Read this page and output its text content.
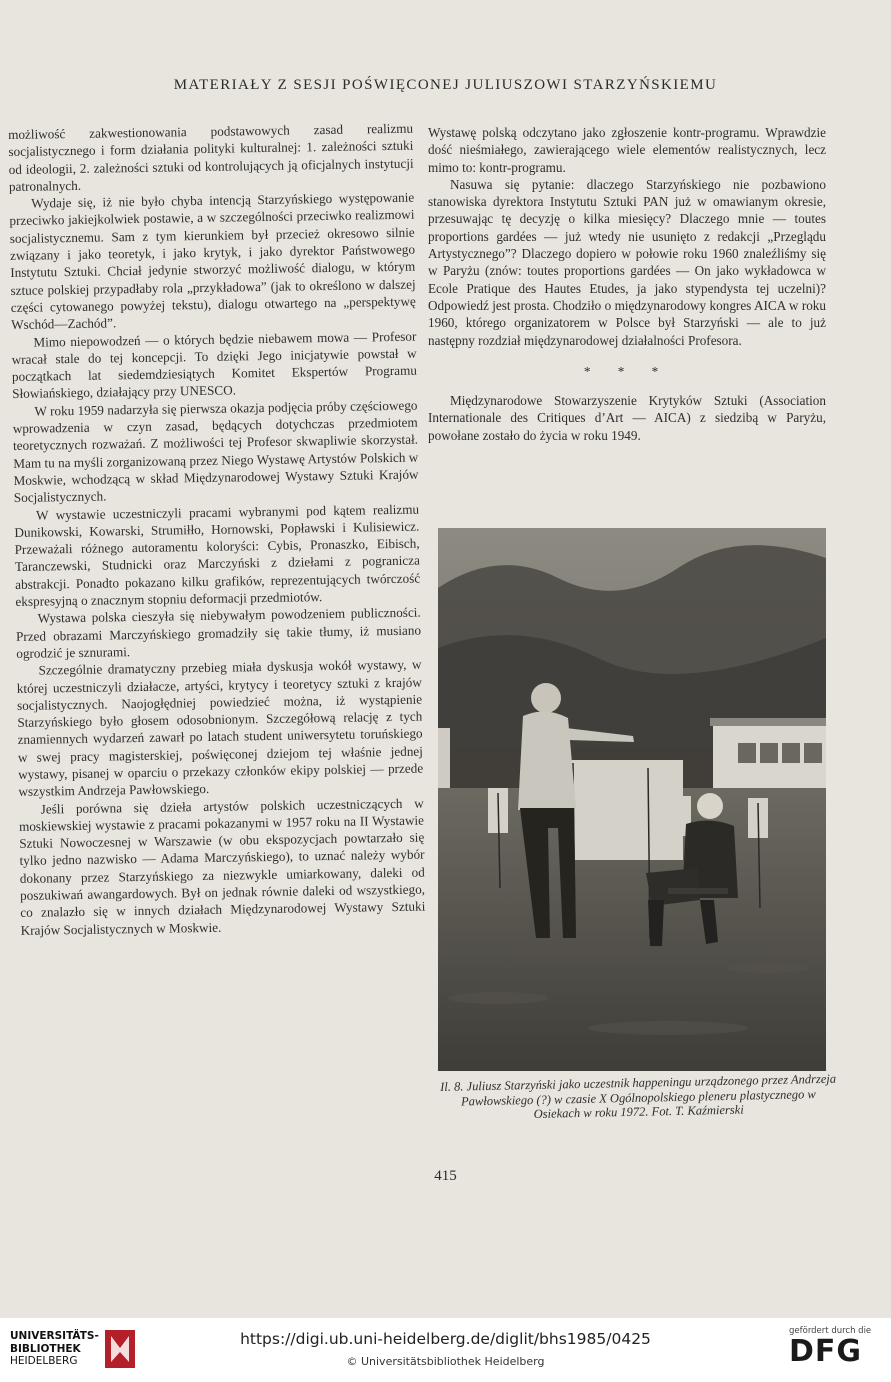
MATERIAŁY Z SESJI POŚWIĘCONEJ JULIUSZOWI STARZYŃSKIEMU

możliwość zakwestionowania podstawowych zasad realizmu socjalistycznego i form działania polityki kulturalnej: 1. zależności sztuki od ideologii, 2. zależności sztuki od kontrolujących ją oficjalnych instytucji patronalnych.

Wydaje się, iż nie było chyba intencją Starzyńskiego występowanie przeciwko jakiejkolwiek postawie, a w szczególności przeciwko realizmowi socjalistycznemu. Sam z tym kierunkiem był przecież okresowo silnie związany i jako teoretyk, i jako krytyk, i jako dyrektor Państwowego Instytutu Sztuki. Chciał jedynie stworzyć możliwość dialogu, w którym sztuce polskiej przypadłaby rola „przykładowa” (jak to określono w dalszej części cytowanego powyżej tekstu), dialogu otwartego na „perspektywę Wschód—Zachód”.

Mimo niepowodzeń — o których będzie niebawem mowa — Profesor wracał stale do tej koncepcji. To dzięki Jego inicjatywie powstał w początkach lat siedemdziesiątych Komitet Ekspertów Programu Słowiańskiego, działający przy UNESCO.

W roku 1959 nadarzyła się pierwsza okazja podjęcia próby częściowego wprowadzenia w czyn zasad, będących dotychczas przedmiotem teoretycznych rozważań. Z możliwości tej Profesor skwapliwie skorzystał. Mam tu na myśli zorganizowaną przez Niego Wystawę Artystów Polskich w Moskwie, wchodzącą w skład Międzynarodowej Wystawy Sztuki Krajów Socjalistycznych.

W wystawie uczestniczyli pracami wybranymi pod kątem realizmu Dunikowski, Kowarski, Strumiłło, Hornowski, Popławski i Kulisiewicz. Przeważali różnego autoramentu koloryści: Cybis, Pronaszko, Eibisch, Taranczewski, Studnicki oraz Marczyński z dziełami z pogranicza abstrakcji. Ponadto pokazano kilku grafików, reprezentujących twórczość ekspresyjną o znacznym stopniu deformacji przedmiotów.

Wystawa polska cieszyła się niebywałym powodzeniem publiczności. Przed obrazami Marczyńskiego gromadziły się takie tłumy, iż musiano ogrodzić je sznurami.

Szczególnie dramatyczny przebieg miała dyskusja wokół wystawy, w której uczestniczyli działacze, artyści, krytycy i teoretycy sztuki z krajów socjalistycznych. Naojogłędniej powiedzieć można, iż wystąpienie Starzyńskiego było głosem odosobnionym. Szczegółową relację z tych znamiennych wydarzeń zawarł po latach student uniwersytetu toruńskiego w swej pracy magisterskiej, poświęconej dziejom tej właśnie jednej wystawy, pisanej w oparciu o przekazy członków ekipy polskiej — przede wszystkim Andrzeja Pawłowskiego.

Jeśli porówna się dzieła artystów polskich uczestniczących w moskiewskiej wystawie z pracami pokazanymi w 1957 roku na II Wystawie Sztuki Nowoczesnej w Warszawie (w obu ekspozycjach powtarzało się tylko jedno nazwisko — Adama Marczyńskiego), to uznać należy wybór dokonany przez Starzyńskiego za niezwykle umiarkowany, daleki od poszukiwań awangardowych. Był on jednak równie daleki od wszystkiego, co znalazło się w innych działach Międzynarodowej Wystawy Sztuki Krajów Socjalistycznych w Moskwie.

Wystawę polską odczytano jako zgłoszenie kontr-programu. Wprawdzie dość nieśmiałego, zawierającego wiele elementów realistycznych, lecz mimo to: kontr-programu.

Nasuwa się pytanie: dlaczego Starzyńskiego nie pozbawiono stanowiska dyrektora Instytutu Sztuki PAN już w omawianym okresie, przesuwając tę decyzję o kilka miesięcy? Dlaczego mnie — toutes proportions gardées — już wtedy nie usunięto z redakcji „Przeglądu Artystycznego”? Dlaczego dopiero w połowie roku 1960 znaleźliśmy się w Paryżu (znów: toutes proportions gardées — On jako wykładowca w Ecole Pratique des Hautes Etudes, ja jako stypendysta tej uczelni)? Odpowiedź jest prosta. Chodziło o międzynarodowy kongres AICA w roku 1960, którego organizatorem w Polsce był Starzyński — ale to już następny rozdział międzynarodowej działalności Profesora.

* * *

Międzynarodowe Stowarzyszenie Krytyków Sztuki (Association Internationale des Critiques d’Art — AICA) z siedzibą w Paryżu, powołane zostało do życia w roku 1949.

Il. 8. Juliusz Starzyński jako uczestnik happeningu urządzonego przez Andrzeja Pawłowskiego (?) w czasie X Ogólnopolskiego pleneru plastycznego w Osiekach w roku 1972. Fot. T. Kaźmierski
415
UNIVERSITÄTS-
BIBLIOTHEK
HEIDELBERG
https://digi.ub.uni-heidelberg.de/diglit/bhs1985/0425
© Universitätsbibliothek Heidelberg
gefördert durch die
DFG
